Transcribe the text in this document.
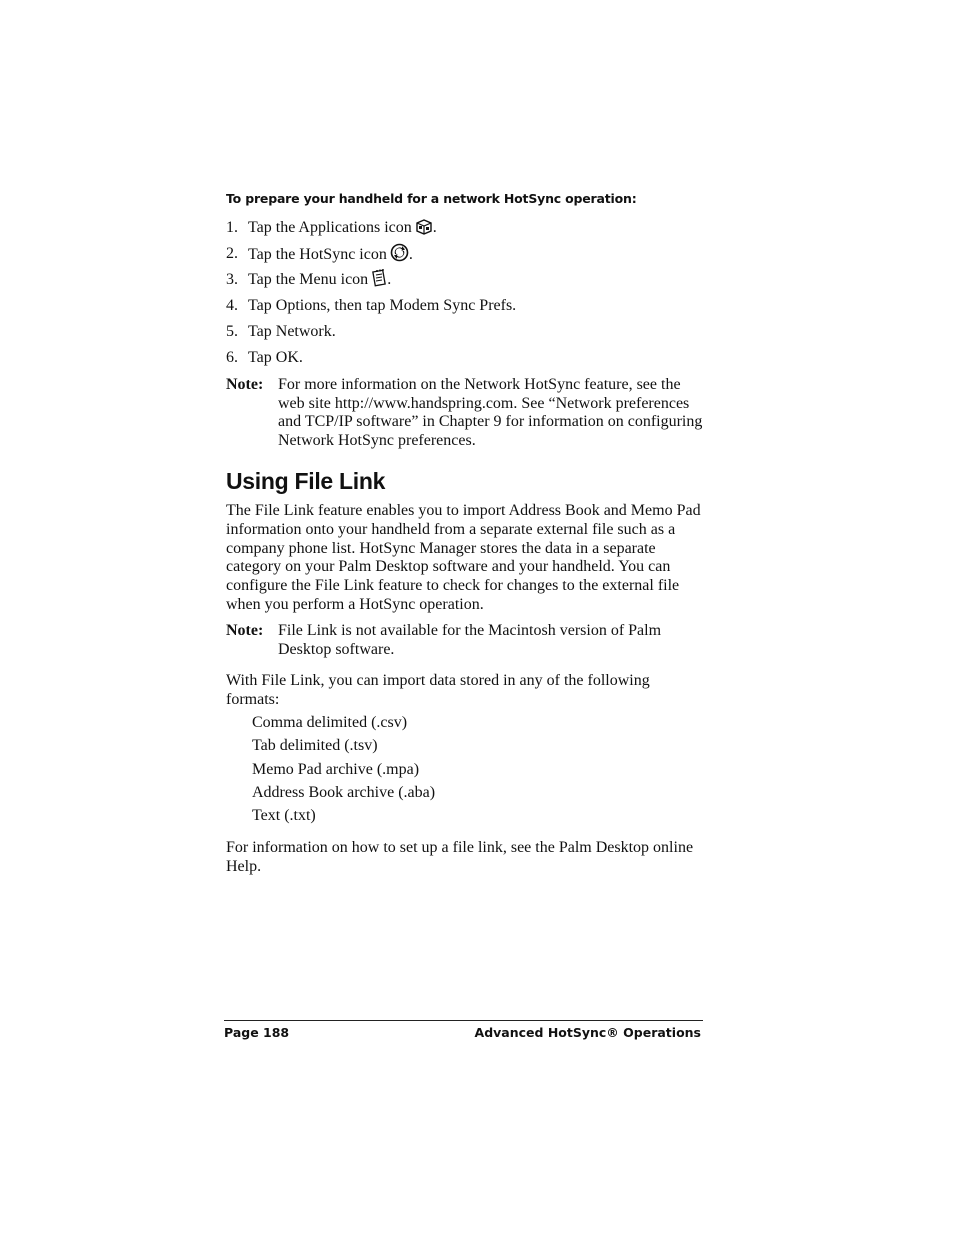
To prepare your handheld for a network HotSync operation:
1. Tap the Applications icon .
2. Tap the HotSync icon .
3. Tap the Menu icon .
4. Tap Options, then tap Modem Sync Prefs.
5. Tap Network.
6. Tap OK.
Note: For more information on the Network HotSync feature, see the web site http://www.handspring.com. See “Network preferences and TCP/IP software” in Chapter 9 for information on configuring Network HotSync preferences.
Using File Link

The File Link feature enables you to import Address Book and Memo Pad information onto your handheld from a separate external file such as a company phone list. HotSync Manager stores the data in a separate category on your Palm Desktop software and your handheld. You can configure the File Link feature to check for changes to the external file when you perform a HotSync operation.

Note: File Link is not available for the Macintosh version of Palm Desktop software.

With File Link, you can import data stored in any of the following formats:

Comma delimited (.csv)
Tab delimited (.tsv)
Memo Pad archive (.mpa)
Address Book archive (.aba)
Text (.txt)

For information on how to set up a file link, see the Palm Desktop online Help.

Page 188	Advanced HotSync® Operations
